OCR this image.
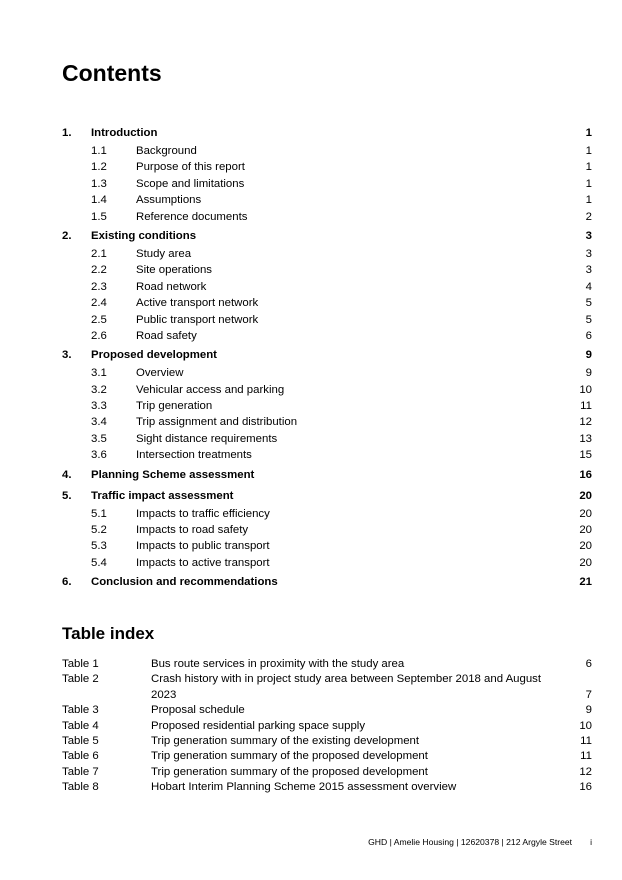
Contents
1. Introduction	1
1.1	Background	1
1.2	Purpose of this report	1
1.3	Scope and limitations	1
1.4	Assumptions	1
1.5	Reference documents	2
2. Existing conditions	3
2.1	Study area	3
2.2	Site operations	3
2.3	Road network	4
2.4	Active transport network	5
2.5	Public transport network	5
2.6	Road safety	6
3. Proposed development	9
3.1	Overview	9
3.2	Vehicular access and parking	10
3.3	Trip generation	11
3.4	Trip assignment and distribution	12
3.5	Sight distance requirements	13
3.6	Intersection treatments	15
4. Planning Scheme assessment	16
5. Traffic impact assessment	20
5.1	Impacts to traffic efficiency	20
5.2	Impacts to road safety	20
5.3	Impacts to public transport	20
5.4	Impacts to active transport	20
6. Conclusion and recommendations	21
Table index
Table 1	Bus route services in proximity with the study area	6
Table 2	Crash history with in project study area between September 2018 and August 2023	7
Table 3	Proposal schedule	9
Table 4	Proposed residential parking space supply	10
Table 5	Trip generation summary of the existing development	11
Table 6	Trip generation summary of the proposed development	11
Table 7	Trip generation summary of the proposed development	12
Table 8	Hobart Interim Planning Scheme 2015 assessment overview	16
GHD | Amelie Housing | 12620378 | 212 Argyle Street i
